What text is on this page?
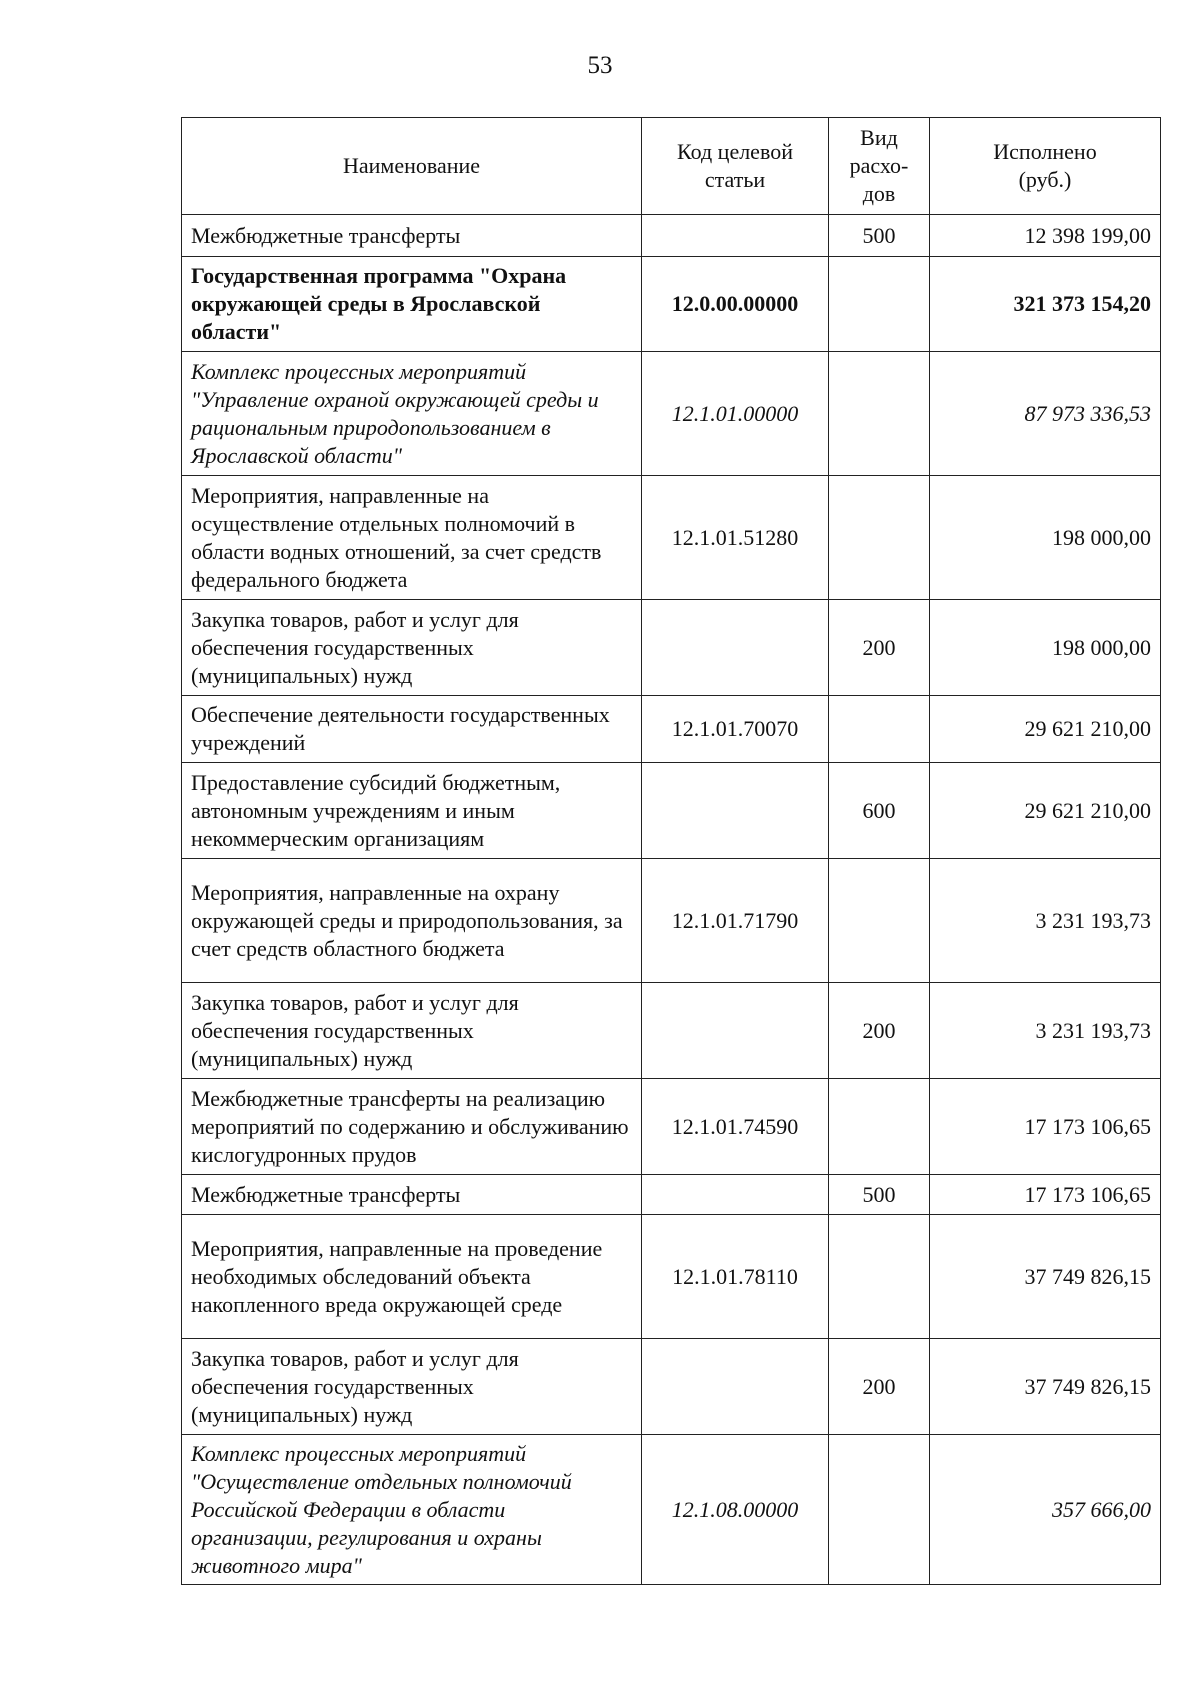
53
Наименование	Код целевой статьи	Вид расхо-дов	Исполнено (руб.)
Межбюджетные трансферты		500	12 398 199,00
Государственная программа "Охрана окружающей среды в Ярославской области"	12.0.00.00000		321 373 154,20
Комплекс процессных мероприятий "Управление охраной окружающей среды и рациональным природопользованием в Ярославской области"	12.1.01.00000		87 973 336,53
Мероприятия, направленные на осуществление отдельных полномочий в области водных отношений, за счет средств федерального бюджета	12.1.01.51280		198 000,00
Закупка товаров, работ и услуг для обеспечения государственных (муниципальных) нужд		200	198 000,00
Обеспечение деятельности государственных учреждений	12.1.01.70070		29 621 210,00
Предоставление субсидий бюджетным, автономным учреждениям и иным некоммерческим организациям		600	29 621 210,00
Мероприятия, направленные на охрану окружающей среды и природопользования, за счет средств областного бюджета	12.1.01.71790		3 231 193,73
Закупка товаров, работ и услуг для обеспечения государственных (муниципальных) нужд		200	3 231 193,73
Межбюджетные трансферты на реализацию мероприятий по содержанию и обслуживанию кислогудронных прудов	12.1.01.74590		17 173 106,65
Межбюджетные трансферты		500	17 173 106,65
Мероприятия, направленные на проведение необходимых обследований объекта накопленного вреда окружающей среде	12.1.01.78110		37 749 826,15
Закупка товаров, работ и услуг для обеспечения государственных (муниципальных) нужд		200	37 749 826,15
Комплекс процессных мероприятий "Осуществление отдельных полномочий Российской Федерации в области организации, регулирования и охраны животного мира"	12.1.08.00000		357 666,00
